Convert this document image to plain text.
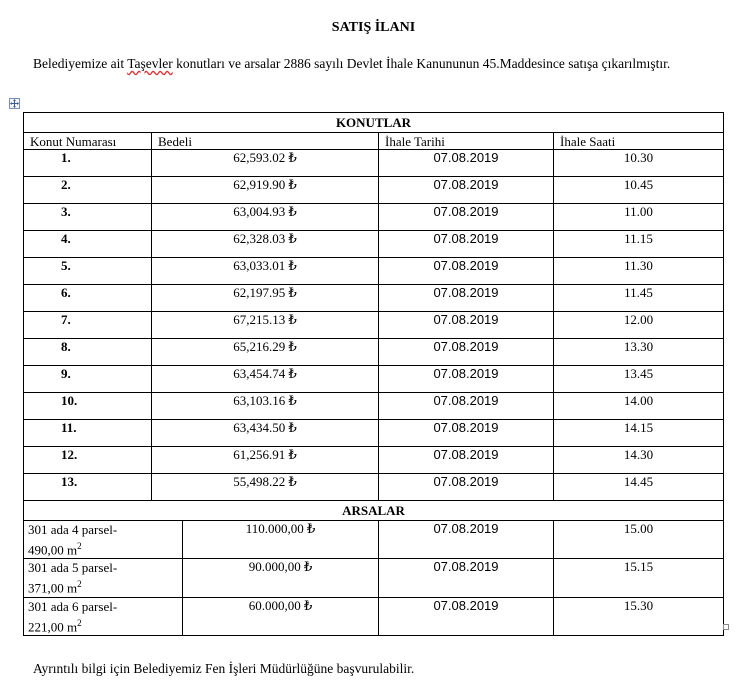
SATIŞ İLANI
Belediyemize ait Taşevler konutları ve arsalar 2886 sayılı Devlet İhale Kanununun 45.Maddesince satışa çıkarılmıştır.
KONUTLAR			
Konut Numarası	Bedeli	İhale Tarihi	İhale Saati
1.	62,593.02 ₺	07.08.2019	10.30
2.	62,919.90 ₺	07.08.2019	10.45
3.	63,004.93 ₺	07.08.2019	11.00
4.	62,328.03 ₺	07.08.2019	11.15
5.	63,033.01 ₺	07.08.2019	11.30
6.	62,197.95 ₺	07.08.2019	11.45
7.	67,215.13 ₺	07.08.2019	12.00
8.	65,216.29 ₺	07.08.2019	13.30
9.	63,454.74 ₺	07.08.2019	13.45
10.	63,103.16 ₺	07.08.2019	14.00
11.	63,434.50 ₺	07.08.2019	14.15
12.	61,256.91 ₺	07.08.2019	14.30
13.	55,498.22 ₺	07.08.2019	14.45
ARSALAR			
301 ada 4 parsel-
490,00 $m^2$	110.000,00 ₺	07.08.2019	15.00
301 ada 5 parsel-
371,00 $m^2$	90.000,00 ₺	07.08.2019	15.15
301 ada 6 parsel-
221,00 $m^2$	60.000,00 ₺	07.08.2019	15.30
Ayrıntılı bilgi için Belediyemiz Fen İşleri Müdürlüğüne başvurulabilir.
